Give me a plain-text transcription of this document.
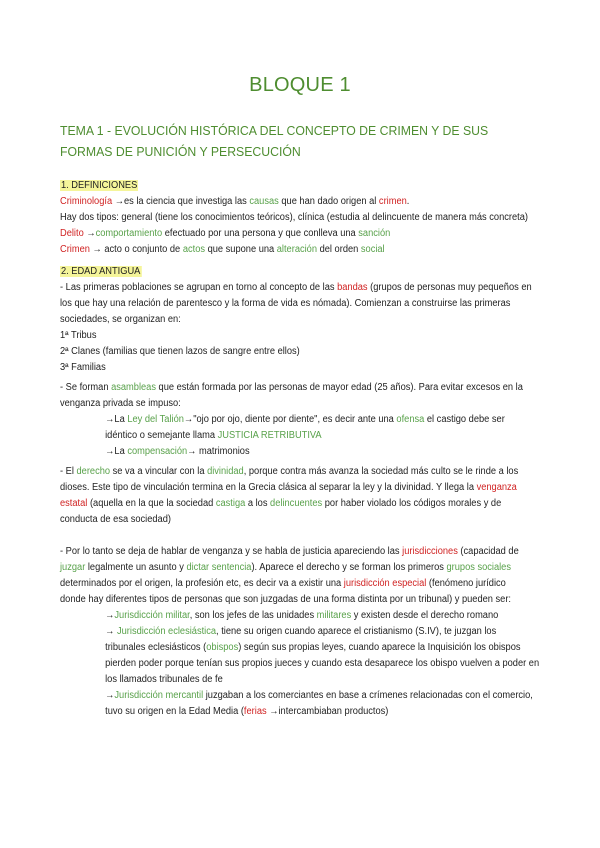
BLOQUE 1
TEMA 1 - EVOLUCIÓN HISTÓRICA DEL CONCEPTO DE CRIMEN Y DE SUS FORMAS DE PUNICIÓN Y PERSECUCIÓN

1. DEFINICIONES

Criminología →es la ciencia que investiga las causas que han dado origen al crimen.

Hay dos tipos: general (tiene los conocimientos teóricos), clínica (estudia al delincuente de manera más concreta)

Delito →comportamiento efectuado por una persona y que conlleva una sanción

Crimen → acto o conjunto de actos que supone una alteración del orden social

2. EDAD ANTIGUA

- Las primeras poblaciones se agrupan en torno al concepto de las bandas (grupos de personas muy pequeños en

los que hay una relación de parentesco y la forma de vida es nómada). Comienzan a construirse las primeras

sociedades, se organizan en:

1ª Tribus

2ª Clanes (familias que tienen lazos de sangre entre ellos)

3ª Familias

- Se forman asambleas que están formada por las personas de mayor edad (25 años). Para evitar excesos en la

venganza privada se impuso:

→La Ley del Talión→"ojo por ojo, diente por diente", es decir ante una ofensa el castigo debe ser

idéntico o semejante llama JUSTICIA RETRIBUTIVA

→La compensación→ matrimonios

- El derecho se va a vincular con la divinidad, porque contra más avanza la sociedad más culto se le rinde a los

dioses. Este tipo de vinculación termina en la Grecia clásica al separar la ley y la divinidad. Y llega la venganza

estatal (aquella en la que la sociedad castiga a los delincuentes por haber violado los códigos morales y de

conducta de esa sociedad)

- Por lo tanto se deja de hablar de venganza y se habla de justicia apareciendo las jurisdicciones (capacidad de

juzgar legalmente un asunto y dictar sentencia). Aparece el derecho y se forman los primeros grupos sociales

determinados por el origen, la profesión etc, es decir va a existir una jurisdicción especial (fenómeno jurídico

donde hay diferentes tipos de personas que son juzgadas de una forma distinta por un tribunal) y pueden ser:

→Jurisdicción militar, son los jefes de las unidades militares y existen desde el derecho romano

→ Jurisdicción eclesiástica, tiene su origen cuando aparece el cristianismo (S.IV), te juzgan los

tribunales eclesiásticos (obispos) según sus propias leyes, cuando aparece la Inquisición los obispos

pierden poder porque tenían sus propios jueces y cuando esta desaparece los obispo vuelven a poder en

los llamados tribunales de fe

→Jurisdicción mercantil juzgaban a los comerciantes en base a crímenes relacionadas con el comercio,

tuvo su origen en la Edad Media (ferias →intercambiaban productos)
